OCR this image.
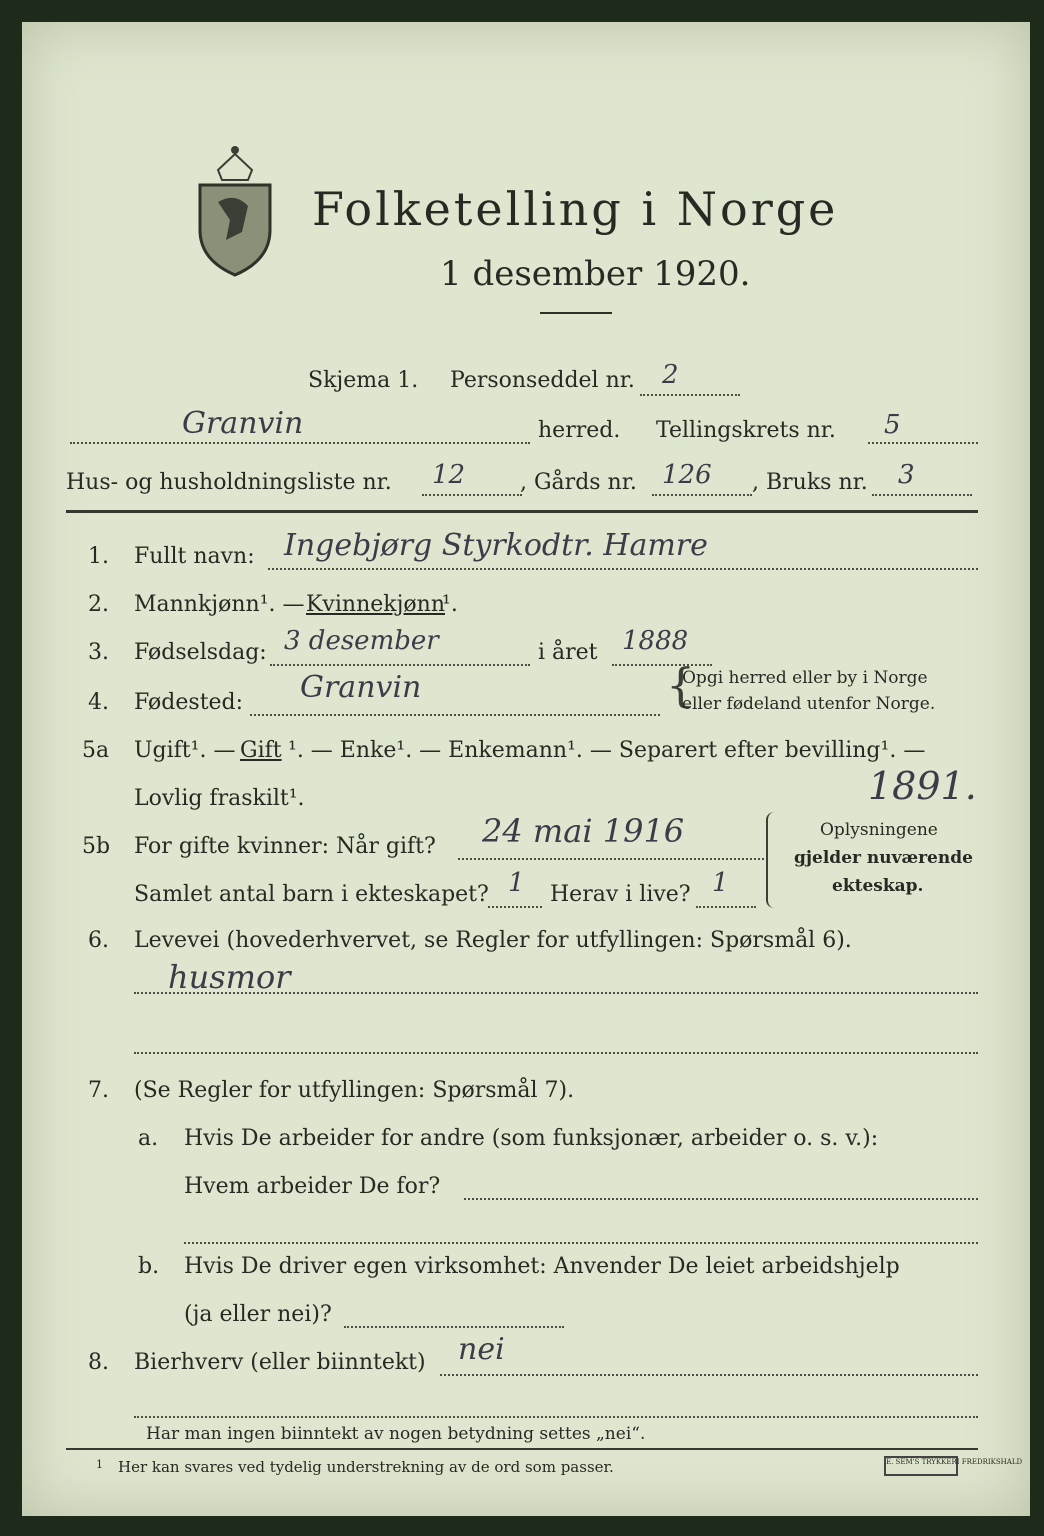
Folketelling i Norge
1 desember 1920.
Skjema 1. Personseddel nr. 2
Granvin	herred. Tellingskrets nr. 5
Hus- og husholdningsliste nr. 12 , Gårds nr. 126 , Bruks nr. 3
1. Fullt navn: Ingebjørg Styrkodtr. Hamre
2. Mannkjønn¹. — Kvinnekjønn
¹.
3. Fødselsdag: 3 desember	i året 1888
4. Fødested: Granvin	{
Opgi herred eller by i Norge
eller fødeland utenfor Norge.
5a Ugift¹. — Gift ¹. — Enke¹. — Enkemann¹. — Separert efter bevilling¹. —
Lovlig fraskilt¹.	1891.
5b For gifte kvinner: Når gift? 24 mai 1916
Samlet antal barn i ekteskapet? 1 Herav i live? 1
Oplysningene
gjelder nuværende
ekteskap.
6. Levevei (hovederhvervet, se Regler for utfyllingen: Spørsmål 6).
husmor
7. (Se Regler for utfyllingen: Spørsmål 7).
a. Hvis De arbeider for andre (som funksjonær, arbeider o. s. v.):
Hvem arbeider De for?
b. Hvis De driver egen virksomhet: Anvender De leiet arbeidshjelp
(ja eller nei)?
8. Bierhverv (eller biinntekt) nei
Har man ingen biinntekt av nogen betydning settes „nei“.
1 Her kan svares ved tydelig understrekning av de ord som passer.	E. SEM'S TRYKKERI FREDRIKSHALD
